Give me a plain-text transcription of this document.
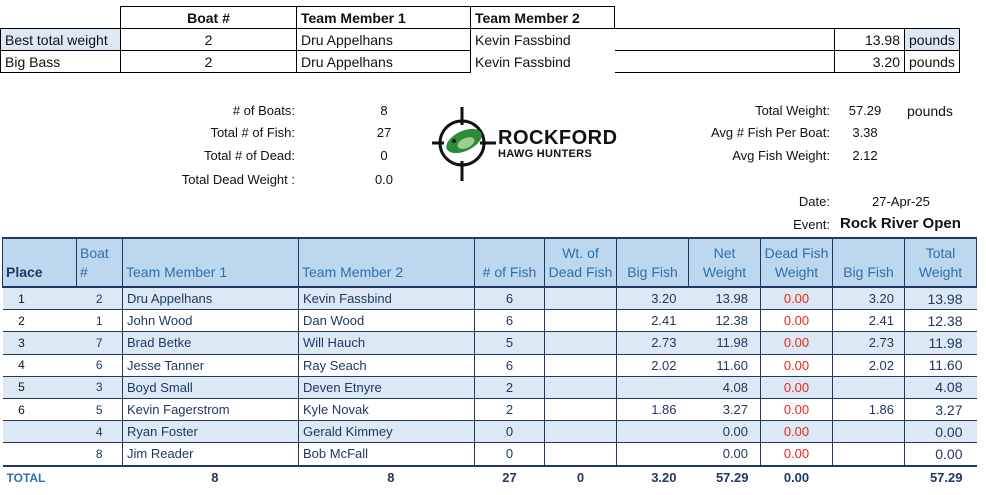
	Boat #	Team Member 1	Team Member 2			
Best total weight	2	Dru Appelhans	Kevin Fassbind		13.98	pounds
Big Bass	2	Dru Appelhans	Kevin Fassbind		3.20	pounds
# of Boats:	8
Total # of Fish:	27
Total # of Dead:	0
Total Dead Weight :	0.0
ROCKFORD
HAWG HUNTERS
Total Weight:	57.29	pounds
Avg # Fish Per Boat:	3.38
Avg Fish Weight:	2.12
Date:	27-Apr-25
Event: Rock River Open
Place	Boat #	Team Member 1	Team Member 2	# of Fish	Wt. of Dead Fish	Big Fish	Net Weight	Dead Fish Weight	Big Fish	Total Weight
1	2	Dru Appelhans	Kevin Fassbind	6		3.20	13.98	0.00	3.20	13.98
2	1	John Wood	Dan Wood	6		2.41	12.38	0.00	2.41	12.38
3	7	Brad Betke	Will Hauch	5		2.73	11.98	0.00	2.73	11.98
4	6	Jesse Tanner	Ray Seach	6		2.02	11.60	0.00	2.02	11.60
5	3	Boyd Small	Deven Etnyre	2			4.08	0.00		4.08
6	5	Kevin Fagerstrom	Kyle Novak	2		1.86	3.27	0.00	1.86	3.27
	4	Ryan Foster	Gerald Kimmey	0			0.00	0.00		0.00
	8	Jim Reader	Bob McFall	0			0.00	0.00		0.00
TOTAL		8	8	27	0	3.20	57.29	0.00		57.29
